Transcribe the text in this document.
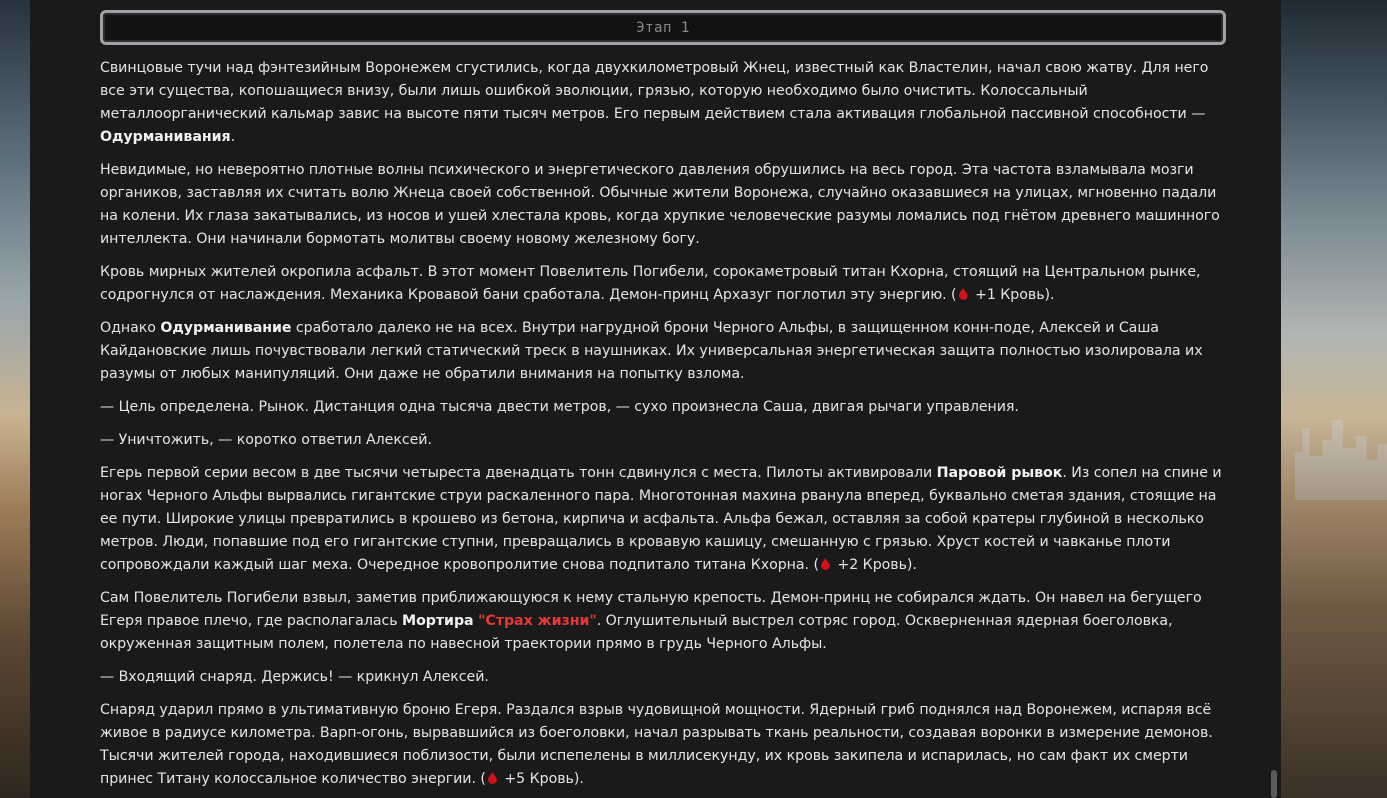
Этап 1

Свинцовые тучи над фэнтезийным Воронежем сгустились, когда двухкилометровый Жнец, известный как Властелин, начал свою жатву. Для него все эти существа, копошащиеся внизу, были лишь ошибкой эволюции, грязью, которую необходимо было очистить. Колоссальный металлоорганический кальмар завис на высоте пяти тысяч метров. Его первым действием стала активация глобальной пассивной способности — Одурманивания.

Невидимые, но невероятно плотные волны психического и энергетического давления обрушились на весь город. Эта частота взламывала мозги органиков, заставляя их считать волю Жнеца своей собственной. Обычные жители Воронежа, случайно оказавшиеся на улицах, мгновенно падали на колени. Их глаза закатывались, из носов и ушей хлестала кровь, когда хрупкие человеческие разумы ломались под гнётом древнего машинного интеллекта. Они начинали бормотать молитвы своему новому железному богу.

Кровь мирных жителей окропила асфальт. В этот момент Повелитель Погибели, сорокаметровый титан Кхорна, стоящий на Центральном рынке, содрогнулся от наслаждения. Механика Кровавой бани сработала. Демон-принц Архазуг поглотил эту энергию. ( +1 Кровь).

Однако Одурманивание сработало далеко не на всех. Внутри нагрудной брони Черного Альфы, в защищенном конн-поде, Алексей и Саша Кайдановские лишь почувствовали легкий статический треск в наушниках. Их универсальная энергетическая защита полностью изолировала их разумы от любых манипуляций. Они даже не обратили внимания на попытку взлома.

— Цель определена. Рынок. Дистанция одна тысяча двести метров, — сухо произнесла Саша, двигая рычаги управления.

— Уничтожить, — коротко ответил Алексей.

Егерь первой серии весом в две тысячи четыреста двенадцать тонн сдвинулся с места. Пилоты активировали Паровой рывок. Из сопел на спине и ногах Черного Альфы вырвались гигантские струи раскаленного пара. Многотонная махина рванула вперед, буквально сметая здания, стоящие на ее пути. Широкие улицы превратились в крошево из бетона, кирпича и асфальта. Альфа бежал, оставляя за собой кратеры глубиной в несколько метров. Люди, попавшие под его гигантские ступни, превращались в кровавую кашицу, смешанную с грязью. Хруст костей и чавканье плоти сопровождали каждый шаг меха. Очередное кровопролитие снова подпитало титана Кхорна. ( +2 Кровь).

Сам Повелитель Погибели взвыл, заметив приближающуюся к нему стальную крепость. Демон-принц не собирался ждать. Он навел на бегущего Егеря правое плечо, где располагалась Мортира "Страх жизни". Оглушительный выстрел сотряс город. Оскверненная ядерная боеголовка, окруженная защитным полем, полетела по навесной траектории прямо в грудь Черного Альфы.

— Входящий снаряд. Держись! — крикнул Алексей.

Снаряд ударил прямо в ультимативную броню Егеря. Раздался взрыв чудовищной мощности. Ядерный гриб поднялся над Воронежем, испаряя всё живое в радиусе километра. Варп-огонь, вырвавшийся из боеголовки, начал разрывать ткань реальности, создавая воронки в измерение демонов. Тысячи жителей города, находившиеся поблизости, были испепелены в миллисекунду, их кровь закипела и испарилась, но сам факт их смерти принес Титану колоссальное количество энергии. ( +5 Кровь).
